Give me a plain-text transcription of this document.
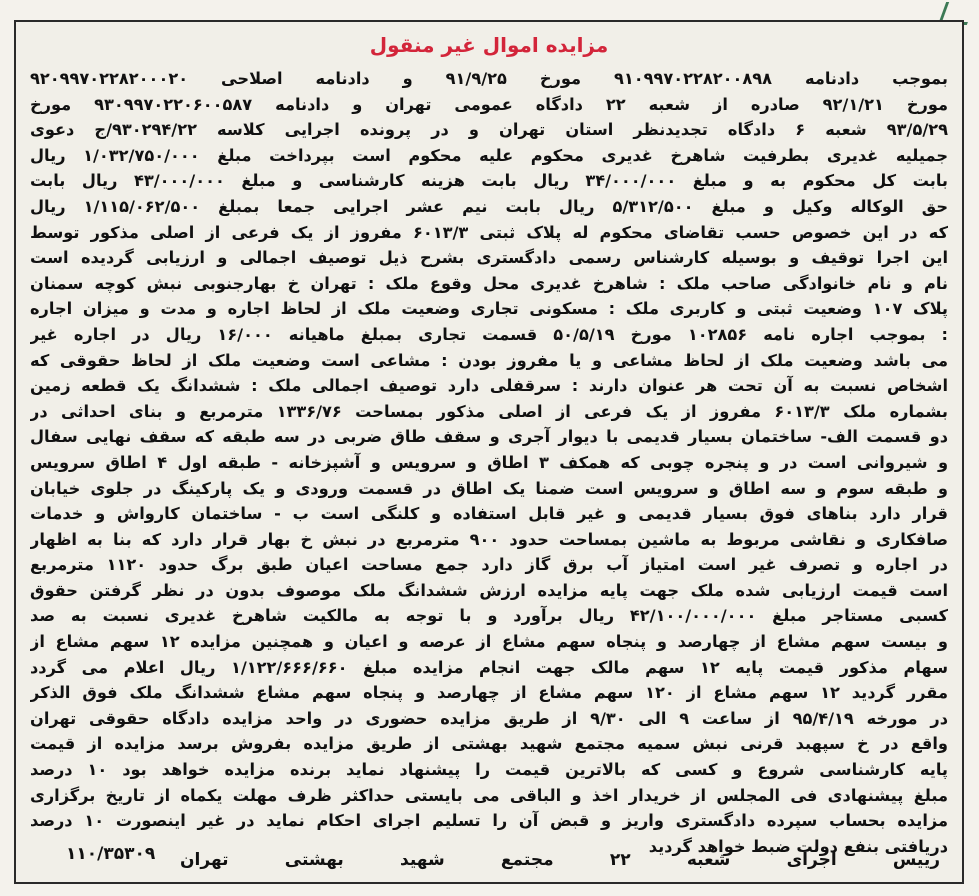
مزایده اموال غیر منقول

بموجب دادنامه ۹۱۰۹۹۷۰۲۲۸۲۰۰۸۹۸ مورخ ۹۱/۹/۲۵ و دادنامه اصلاحی ۹۲۰۹۹۷۰۲۲۸۲۰۰۰۲۰

مورخ ۹۲/۱/۲۱ صادره از شعبه ۲۲ دادگاه عمومی تهران و دادنامه ۹۳۰۹۹۷۰۲۲۰۶۰۰۵۸۷ مورخ

۹۳/۵/۲۹ شعبه ۶ دادگاه تجدیدنظر استان تهران و در پرونده اجرایی کلاسه ۹۳۰۲۹۴/۲۲/ج دعوی

جمیلیه غدیری بطرفیت شاهرخ غدیری محکوم علیه محکوم است بپرداخت مبلغ ۱/۰۳۲/۷۵۰/۰۰۰ ریال

بابت کل محکوم به و مبلغ ۳۴/۰۰۰/۰۰۰ ریال بابت هزینه کارشناسی و مبلغ ۴۳/۰۰۰/۰۰۰ ریال بابت

حق الوکاله وکیل و مبلغ ۵/۳۱۲/۵۰۰ ریال بابت نیم عشر اجرایی جمعا بمبلغ ۱/۱۱۵/۰۶۲/۵۰۰ ریال

که در این خصوص حسب تقاضای محکوم له پلاک ثبتی ۶۰۱۳/۳ مفروز از یک فرعی از اصلی مذکور توسط

این اجرا توقیف و بوسیله کارشناس رسمی دادگستری بشرح ذیل توصیف اجمالی و ارزیابی گردیده است

نام و نام خانوادگی صاحب ملک : شاهرخ غدیری محل وقوع ملک : تهران خ بهارجنوبی نبش کوچه سمنان

پلاک ۱۰۷ وضعیت ثبتی و کاربری ملک : مسکونی تجاری وضعیت ملک از لحاظ اجاره و مدت و میزان اجاره

: بموجب اجاره نامه ۱۰۲۸۵۶ مورخ ۵۰/۵/۱۹ قسمت تجاری بمبلغ ماهیانه ۱۶/۰۰۰ ریال در اجاره غیر

می باشد وضعیت ملک از لحاظ مشاعی و یا مفروز بودن : مشاعی است وضعیت ملک از لحاظ حقوقی که

اشخاص نسبت به آن تحت هر عنوان دارند : سرقفلی دارد توصیف اجمالی ملک : ششدانگ یک قطعه زمین

بشماره ملک ۶۰۱۳/۳ مفروز از یک فرعی از اصلی مذکور بمساحت ۱۳۳۶/۷۶ مترمربع و بنای احداثی در

دو قسمت الف- ساختمان بسیار قدیمی با دیوار آجری و سقف طاق ضربی در سه طبقه که سقف نهایی سفال

و شیروانی است در و پنجره چوبی که همکف ۳ اطاق و سرویس و آشپزخانه - طبقه اول ۴ اطاق سرویس

و طبقه سوم و سه اطاق و سرویس است ضمنا یک اطاق در قسمت ورودی و یک پارکینگ در جلوی خیابان

قرار دارد بناهای فوق بسیار قدیمی و غیر قابل استفاده و کلنگی است ب - ساختمان کارواش و خدمات

صافکاری و نقاشی مربوط به ماشین بمساحت حدود ۹۰۰ مترمربع در نبش خ بهار قرار دارد که بنا به اظهار

در اجاره و تصرف غیر است امتیاز آب برق گاز دارد جمع مساحت اعیان طبق برگ حدود ۱۱۲۰ مترمربع

است قیمت ارزیابی شده ملک جهت پایه مزایده ارزش ششدانگ ملک موصوف بدون در نظر گرفتن حقوق

کسبی مستاجر مبلغ ۴۲/۱۰۰/۰۰۰/۰۰۰ ریال برآورد و با توجه به مالکیت شاهرخ غدیری نسبت به صد

و بیست سهم مشاع از چهارصد و پنجاه سهم مشاع از عرصه و اعیان و همچنین مزایده ۱۲ سهم مشاع از

سهام مذکور قیمت پایه ۱۲ سهم مالک جهت انجام مزایده مبلغ ۱/۱۲۲/۶۶۶/۶۶۰ ریال اعلام می گردد

مقرر گردید ۱۲ سهم مشاع از ۱۲۰ سهم مشاع از چهارصد و پنجاه سهم مشاع ششدانگ ملک فوق الذکر

در مورخه ۹۵/۴/۱۹ از ساعت ۹ الی ۹/۳۰ از طریق مزایده حضوری در واحد مزایده دادگاه حقوقی تهران

واقع در خ سپهبد قرنی نبش سمیه مجتمع شهید بهشتی از طریق مزایده بفروش برسد مزایده از قیمت

پایه کارشناسی شروع و کسی که بالاترین قیمت را پیشنهاد نماید برنده مزایده خواهد بود ۱۰ درصد

مبلغ پیشنهادی فی المجلس از خریدار اخذ و الباقی می بایستی حداکثر ظرف مهلت یکماه از تاریخ برگزاری

مزایده بحساب سپرده دادگستری واریز و قبض آن را تسلیم اجرای احکام نماید در غیر اینصورت ۱۰ درصد

دریافتی بنفع دولت ضبط خواهد گردید

۱۱۰/۳۵۳۰۹	رییس
اجرای
شعبه
۲۲
مجتمع
شهید
بهشتی
تهران
